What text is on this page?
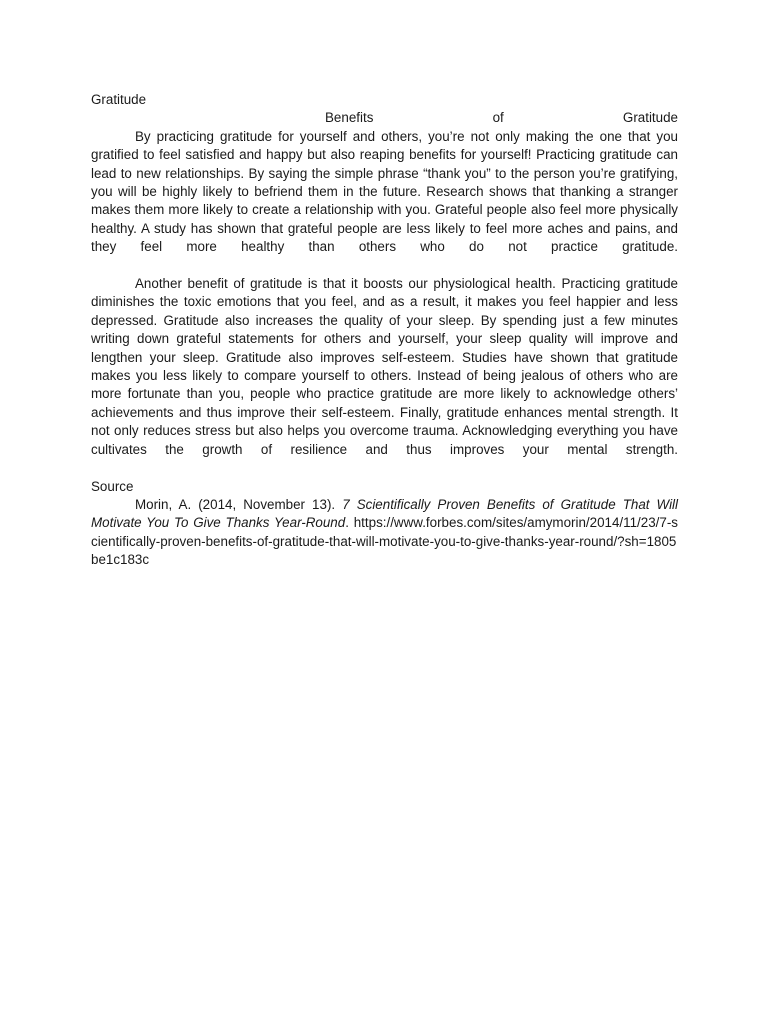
Gratitude

Benefits	of	Gratitude

By practicing gratitude for yourself and others, you’re not only making the one that you gratified to feel satisfied and happy but also reaping benefits for yourself! Practicing gratitude can lead to new relationships. By saying the simple phrase “thank you” to the person you’re gratifying, you will be highly likely to befriend them in the future. Research shows that thanking a stranger makes them more likely to create a relationship with you. Grateful people also feel more physically healthy. A study has shown that grateful people are less likely to feel more aches and pains, and they feel more healthy than others who do not practice gratitude.

Another benefit of gratitude is that it boosts our physiological health. Practicing gratitude diminishes the toxic emotions that you feel, and as a result, it makes you feel happier and less depressed. Gratitude also increases the quality of your sleep. By spending just a few minutes writing down grateful statements for others and yourself, your sleep quality will improve and lengthen your sleep. Gratitude also improves self-esteem. Studies have shown that gratitude makes you less likely to compare yourself to others. Instead of being jealous of others who are more fortunate than you, people who practice gratitude are more likely to acknowledge others’ achievements and thus improve their self-esteem. Finally, gratitude enhances mental strength. It not only reduces stress but also helps you overcome trauma. Acknowledging everything you have cultivates the growth of resilience and thus improves your mental strength.

Source

Morin, A. (2014, November 13). 7 Scientifically Proven Benefits of Gratitude That Will Motivate You To Give Thanks Year-Round. https://www.forbes.com/sites/amymorin/2014/11/23/7-scientifically-proven-benefits-of-gratitude-that-will-motivate-you-to-give-thanks-year-round/?sh=1805be1c183c
